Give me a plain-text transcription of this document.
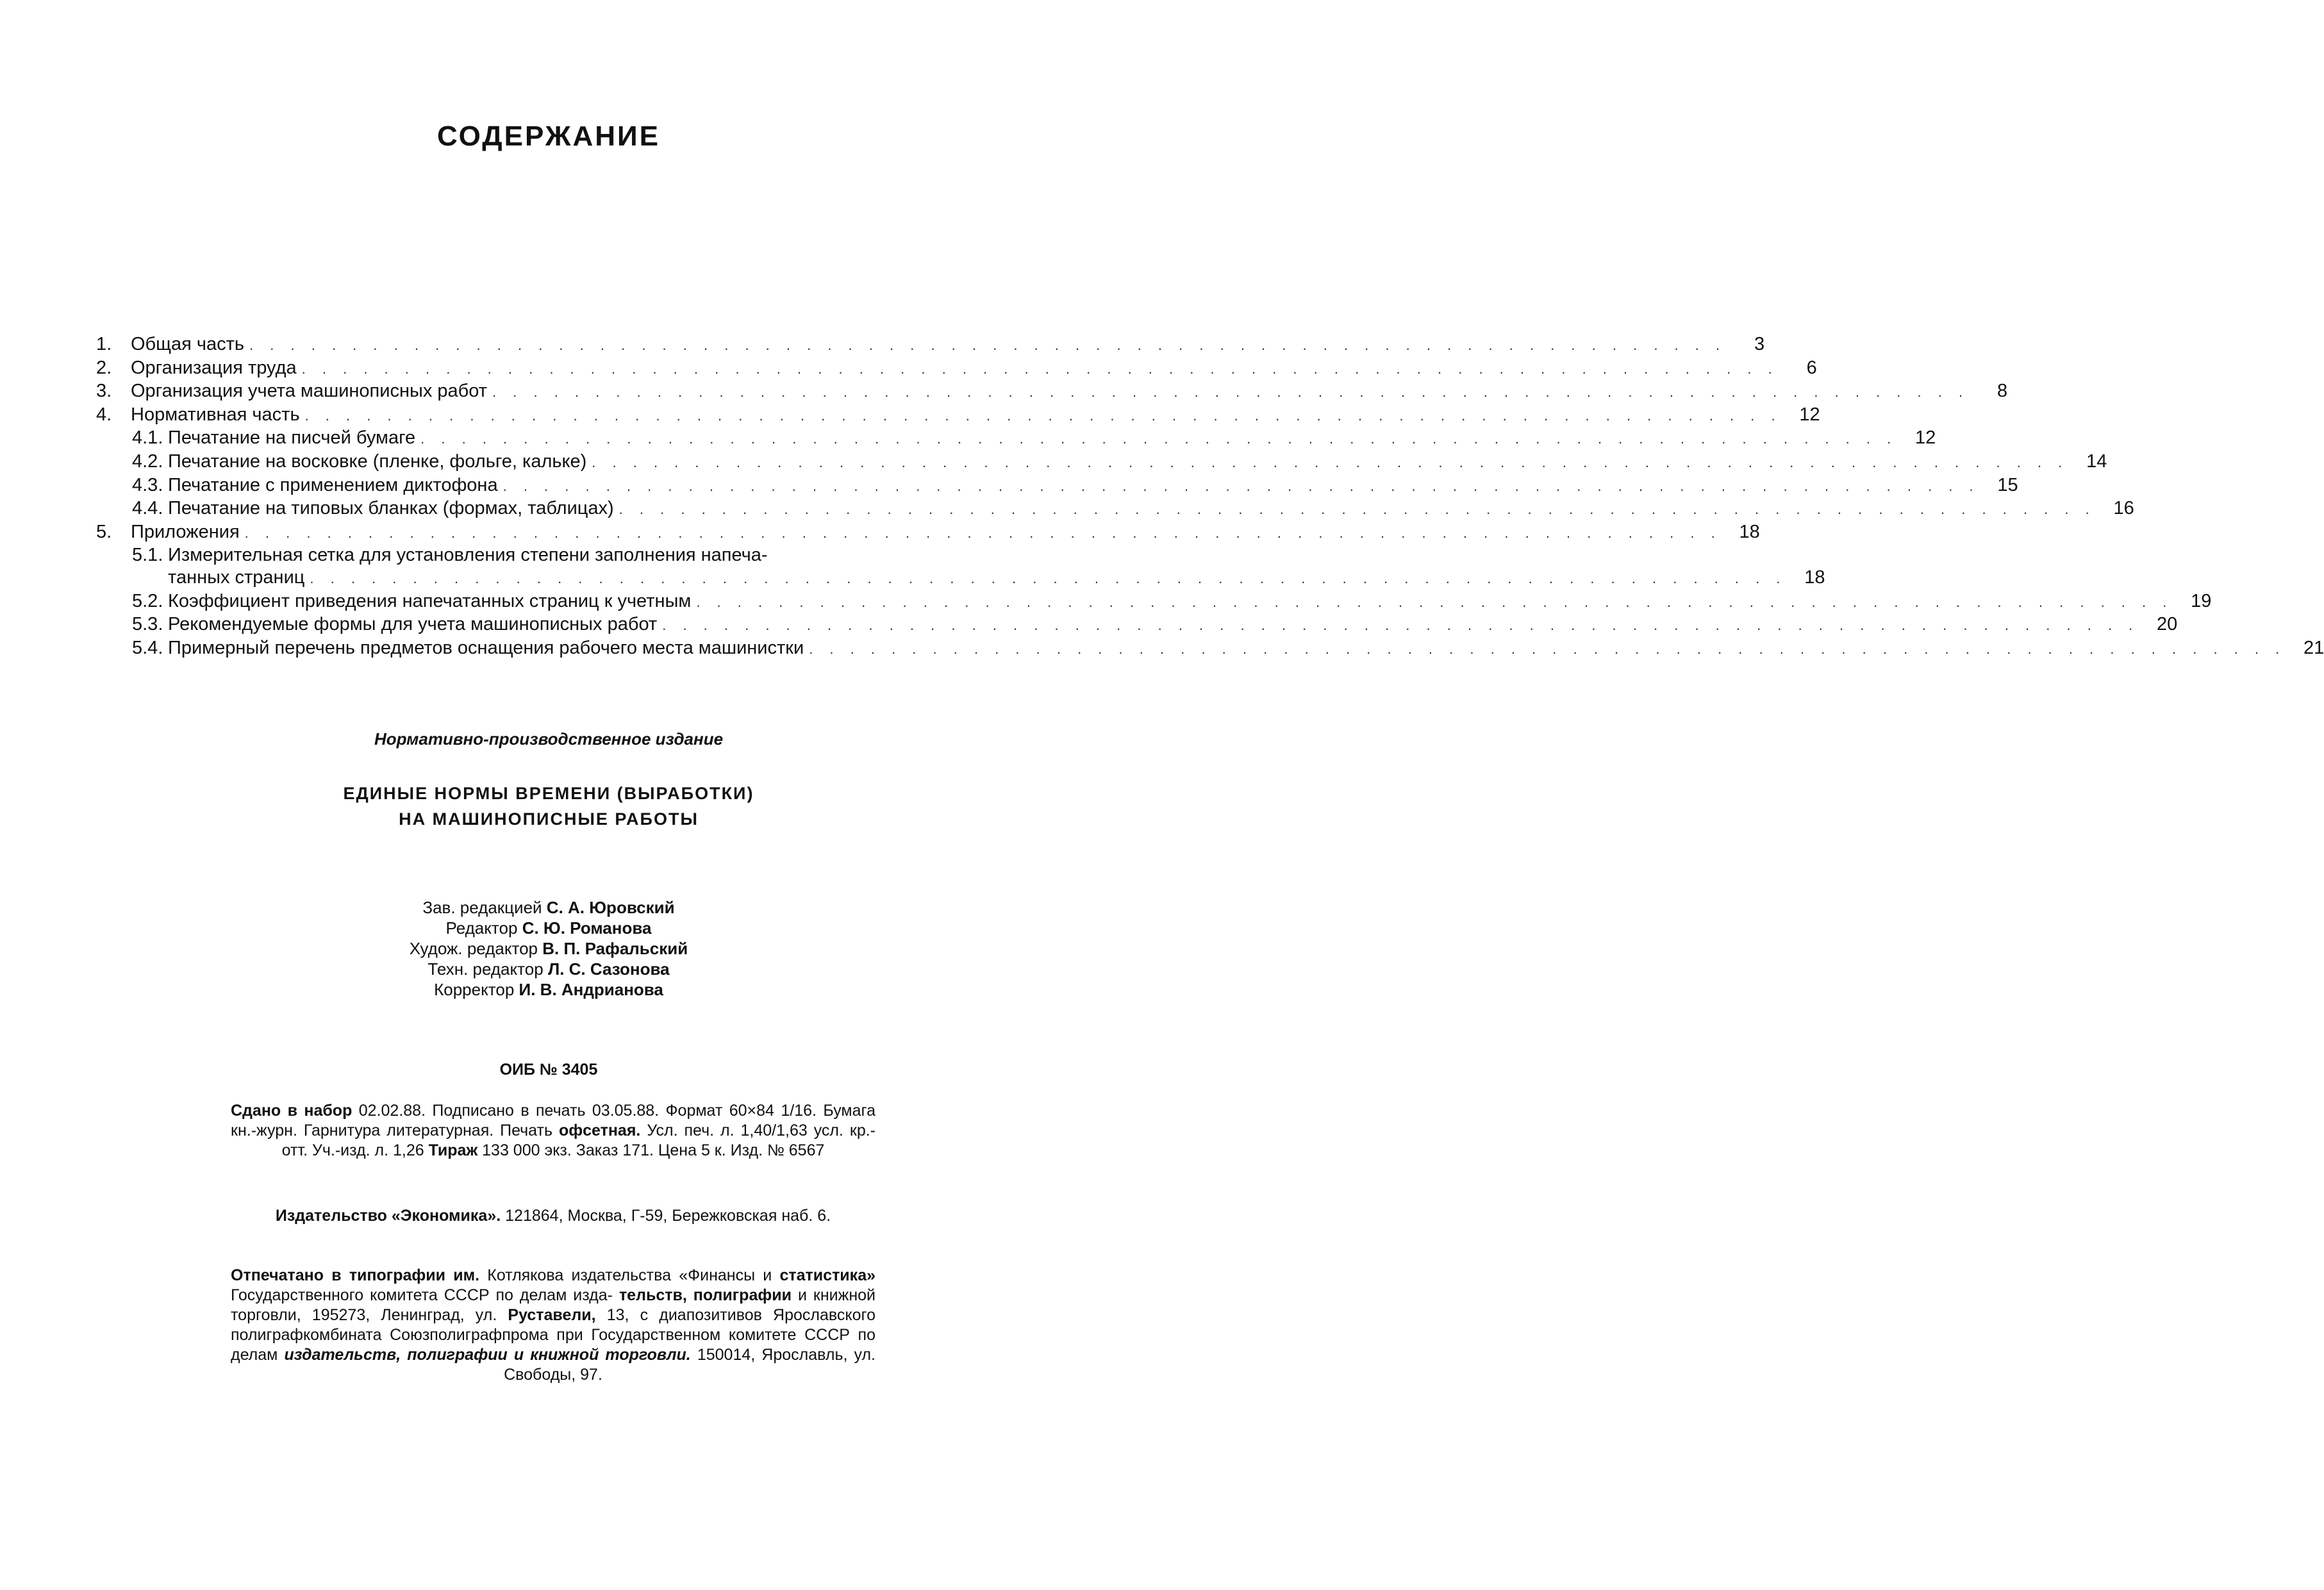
СОДЕРЖАНИЕ
1.	Общая часть . . .	3
2.	Организация труда . . .	6
3.	Организация учета машинописных работ . . .	8
4.	Нормативная часть . . .	12
4.1. Печатание на писчей бумаге . . .	12
4.2. Печатание на восковке (пленке, фольге, кальке) . . .	14
4.3. Печатание с применением диктофона . . .	15
4.4. Печатание на типовых бланках (формах, таблицах) . . .	16
5.	Приложения . . .	18
5.1. Измерительная сетка для установления степени заполнения напеча-
танных страниц . . .	18
5.2. Коэффициент приведения напечатанных страниц к учетным . . .	19
5.3. Рекомендуемые формы для учета машинописных работ . . .	20
5.4. Примерный перечень предметов оснащения рабочего места машинистки . . .	21
Нормативно-производственное издание
ЕДИНЫЕ НОРМЫ ВРЕМЕНИ (ВЫРАБОТКИ)
НА МАШИНОПИСНЫЕ РАБОТЫ
Зав. редакцией С. А. Юровский
Редактор С. Ю. Романова
Худож. редактор В. П. Рафальский
Техн. редактор Л. С. Сазонова
Корректор И. В. Андрианова
ОИБ № 3405

Сдано в набор 02.02.88. Подписано в печать 03.05.88. Формат 60×84 1/16. Бумага кн.-журн. Гарнитура литературная. Печать офсетная. Усл. печ. л. 1,40/1,63 усл. кр.-отт. Уч.-изд. л. 1,26 Тираж 133 000 экз. Заказ 171. Цена 5 к. Изд. № 6567

Издательство «Экономика». 121864, Москва, Г-59, Бережковская наб. 6.

Отпечатано в типографии им. Котлякова издательства «Финансы и статистика» Государственного комитета СССР по делам изда- тельств, полиграфии и книжной торговли, 195273, Ленинград, ул. Руставели, 13, с диапозитивов Ярославского полиграфкомбината Союзполиграфпрома при Государственном комитете СССР по делам издательств, полиграфии и книжной торговли. 150014, Ярославль, ул. Свободы, 97.
